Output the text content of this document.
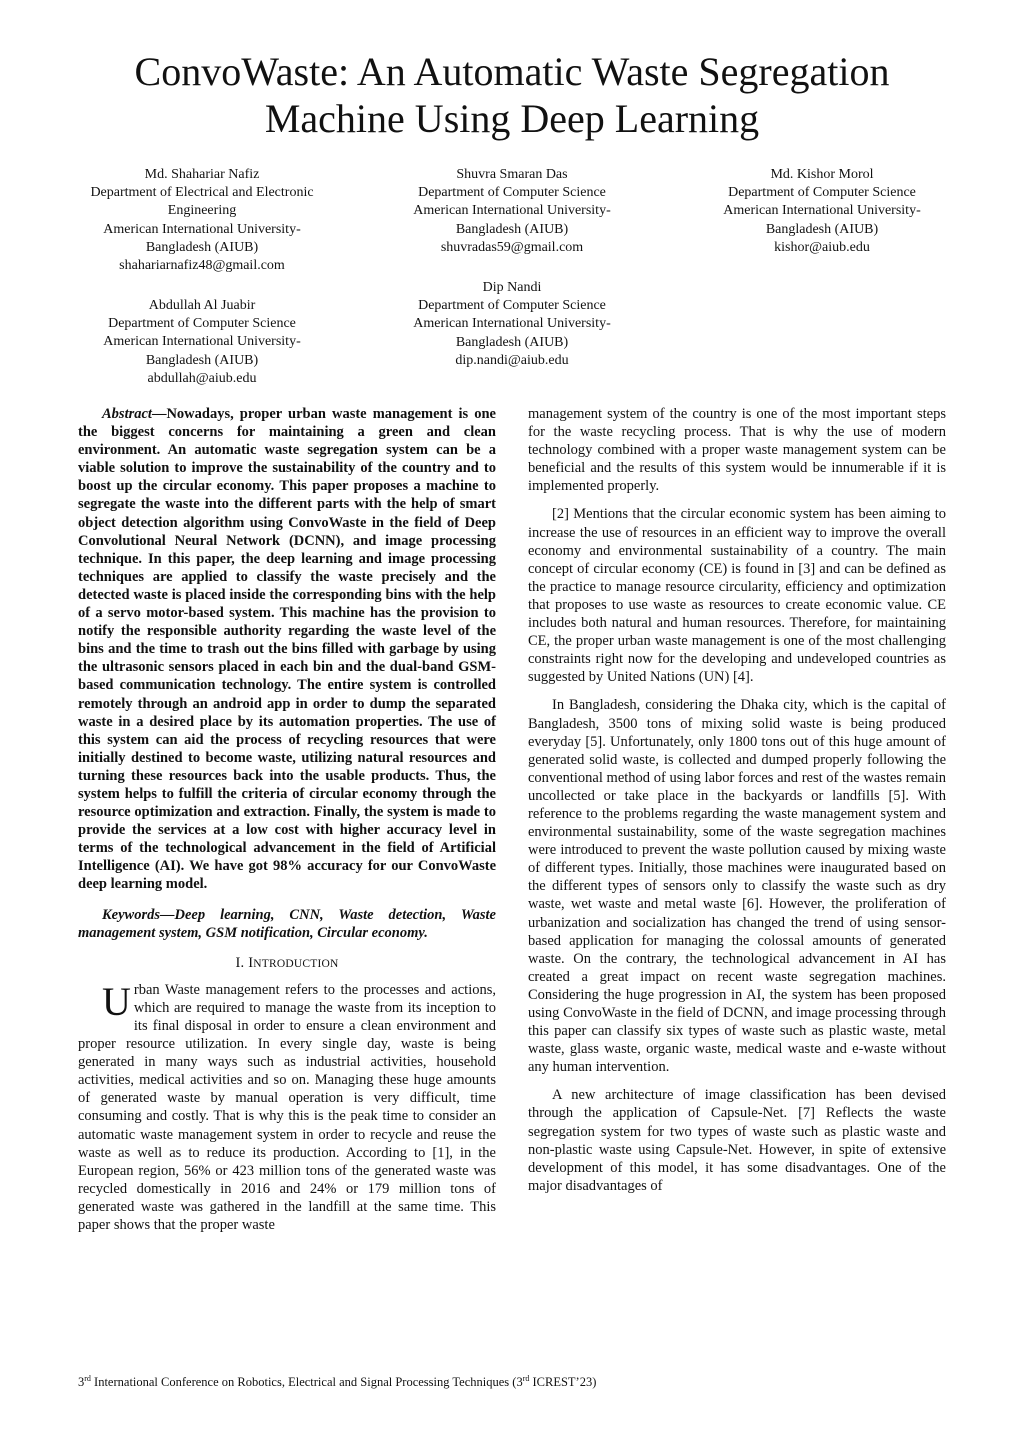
ConvoWaste: An Automatic Waste Segregation
Machine Using Deep Learning
Md. Shahariar Nafiz
Department of Electrical and Electronic
Engineering
American International University-
Bangladesh (AIUB)
shahariarnafiz48@gmail.com
Shuvra Smaran Das
Department of Computer Science
American International University-
Bangladesh (AIUB)
shuvradas59@gmail.com
Md. Kishor Morol
Department of Computer Science
American International University-
Bangladesh (AIUB)
kishor@aiub.edu
Abdullah Al Juabir
Department of Computer Science
American International University-
Bangladesh (AIUB)
abdullah@aiub.edu
Dip Nandi
Department of Computer Science
American International University-
Bangladesh (AIUB)
dip.nandi@aiub.edu

Abstract—Nowadays, proper urban waste management is one the biggest concerns for maintaining a green and clean environment. An automatic waste segregation system can be a viable solution to improve the sustainability of the country and to boost up the circular economy. This paper proposes a machine to segregate the waste into the different parts with the help of smart object detection algorithm using ConvoWaste in the field of Deep Convolutional Neural Network (DCNN), and image processing technique. In this paper, the deep learning and image processing techniques are applied to classify the waste precisely and the detected waste is placed inside the corresponding bins with the help of a servo motor-based system. This machine has the provision to notify the responsible authority regarding the waste level of the bins and the time to trash out the bins filled with garbage by using the ultrasonic sensors placed in each bin and the dual-band GSM-based communication technology. The entire system is controlled remotely through an android app in order to dump the separated waste in a desired place by its automation properties. The use of this system can aid the process of recycling resources that were initially destined to become waste, utilizing natural resources and turning these resources back into the usable products. Thus, the system helps to fulfill the criteria of circular economy through the resource optimization and extraction. Finally, the system is made to provide the services at a low cost with higher accuracy level in terms of the technological advancement in the field of Artificial Intelligence (AI). We have got 98% accuracy for our ConvoWaste deep learning model.

Keywords—Deep learning, CNN, Waste detection, Waste management system, GSM notification, Circular economy.

I. INTRODUCTION

Urban Waste management refers to the processes and actions, which are required to manage the waste from its inception to its final disposal in order to ensure a clean environment and proper resource utilization. In every single day, waste is being generated in many ways such as industrial activities, household activities, medical activities and so on. Managing these huge amounts of generated waste by manual operation is very difficult, time consuming and costly. That is why this is the peak time to consider an automatic waste management system in order to recycle and reuse the waste as well as to reduce its production. According to [1], in the European region, 56% or 423 million tons of the generated waste was recycled domestically in 2016 and 24% or 179 million tons of generated waste was gathered in the landfill at the same time. This paper shows that the proper waste

management system of the country is one of the most important steps for the waste recycling process. That is why the use of modern technology combined with a proper waste management system can be beneficial and the results of this system would be innumerable if it is implemented properly.

[2] Mentions that the circular economic system has been aiming to increase the use of resources in an efficient way to improve the overall economy and environmental sustainability of a country. The main concept of circular economy (CE) is found in [3] and can be defined as the practice to manage resource circularity, efficiency and optimization that proposes to use waste as resources to create economic value. CE includes both natural and human resources. Therefore, for maintaining CE, the proper urban waste management is one of the most challenging constraints right now for the developing and undeveloped countries as suggested by United Nations (UN) [4].

In Bangladesh, considering the Dhaka city, which is the capital of Bangladesh, 3500 tons of mixing solid waste is being produced everyday [5]. Unfortunately, only 1800 tons out of this huge amount of generated solid waste, is collected and dumped properly following the conventional method of using labor forces and rest of the wastes remain uncollected or take place in the backyards or landfills [5]. With reference to the problems regarding the waste management system and environmental sustainability, some of the waste segregation machines were introduced to prevent the waste pollution caused by mixing waste of different types. Initially, those machines were inaugurated based on the different types of sensors only to classify the waste such as dry waste, wet waste and metal waste [6]. However, the proliferation of urbanization and socialization has changed the trend of using sensor-based application for managing the colossal amounts of generated waste. On the contrary, the technological advancement in AI has created a great impact on recent waste segregation machines. Considering the huge progression in AI, the system has been proposed using ConvoWaste in the field of DCNN, and image processing through this paper can classify six types of waste such as plastic waste, metal waste, glass waste, organic waste, medical waste and e-waste without any human intervention.

A new architecture of image classification has been devised through the application of Capsule-Net. [7] Reflects the waste segregation system for two types of waste such as plastic waste and non-plastic waste using Capsule-Net. However, in spite of extensive development of this model, it has some disadvantages. One of the major disadvantages of

3rd International Conference on Robotics, Electrical and Signal Processing Techniques (3rd ICREST’23)
